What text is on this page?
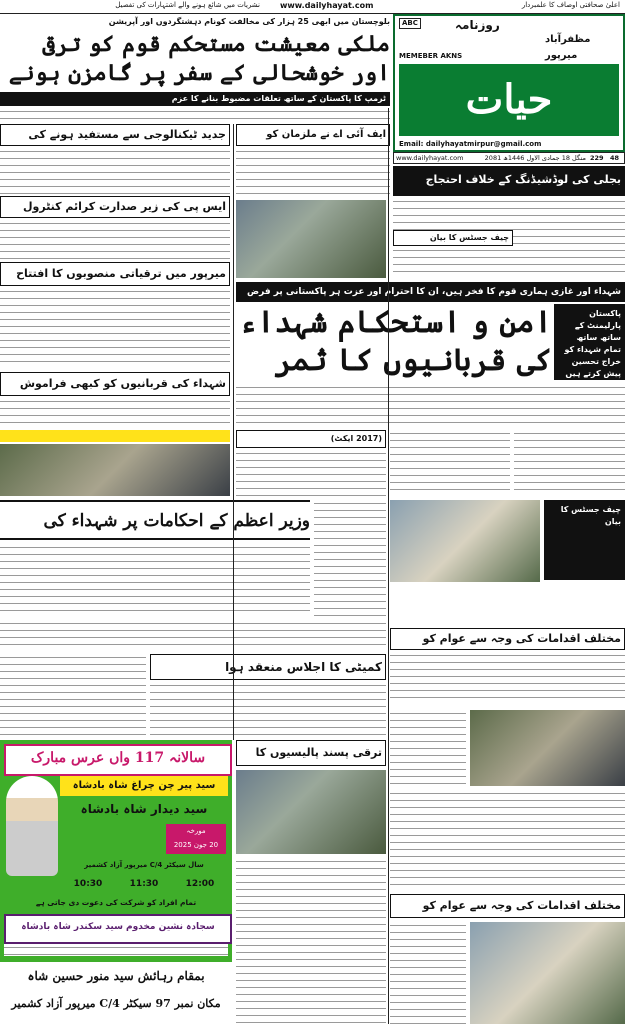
اعلیٰ صحافتی اوصاف کا علمبردار
نشریات میں شائع ہونے والے اشتہارات کی تفصیل	www.dailyhayat.com
ABC	روزنامہ
مظفرآباد
میرپور
MEMEBER AKNS
حیات
Email: dailyhayatmirpur@gmail.com
www.dailyhayat.com	منگل 18 جمادی الاول 1446ھ 2081	229 48
بلوچستان میں ابھی 25 ہزار کی مخالفت کونام دہشتگردوں اور آپریشن
ملکی معیشت مستحکم قوم کو ترقی اور خوشحالی کے سفر پر گامزن ہونے
ٹرمپ کا پاکستان کے ساتھ تعلقات مضبوط بنانے کا عزم
جدید ٹیکنالوجی سے مستفید ہونے کی
ایس پی کی زیر صدارت کرائم کنٹرول
ایف آئی اے نے ملزمان کو
میرپور میں ترقیاتی منصوبوں کا افتتاح
بجلی کی لوڈشیڈنگ کے خلاف احتجاج
چیف جسٹس کا بیان
شہداء اور غازی ہماری قوم کا فخر ہیں، ان کا احترام اور عزت ہر پاکستانی پر فرض
امن و استحکام شہداء کی قربانیوں کا ثمر
پاکستان پارلیمنٹ کے ساتھ ساتھ تمام شہداء کو خراج تحسین پیش کرتے ہیں
شہداء کی قربانیوں کو کبھی فراموش
(2017 ایکٹ)
وزیر اعظم کے احکامات پر شہداء کی
چیف جسٹس کا بیان
مختلف اقدامات کی وجہ سے عوام کو
کمیٹی کا اجلاس منعقد ہوا
سالانہ 117 واں عرس مبارک
سید پیر چن چراغ شاہ بادشاہ
سید دیدار شاہ بادشاہ
مورخہ
20 جون 2025
سال سیکٹر C/4 میرپور آزاد کشمیر
10:30	11:30	12:00
تمام افراد کو شرکت کی دعوت دی جاتی ہے
سجادہ نشین مخدوم سید سکندر شاہ بادشاہ
بمقام رہائش سید منور حسین شاہ
مکان نمبر 97 سیکٹر C/4 میرپور آزاد کشمیر
ترقی پسند پالیسیوں کا
مختلف اقدامات کی وجہ سے عوام کو
